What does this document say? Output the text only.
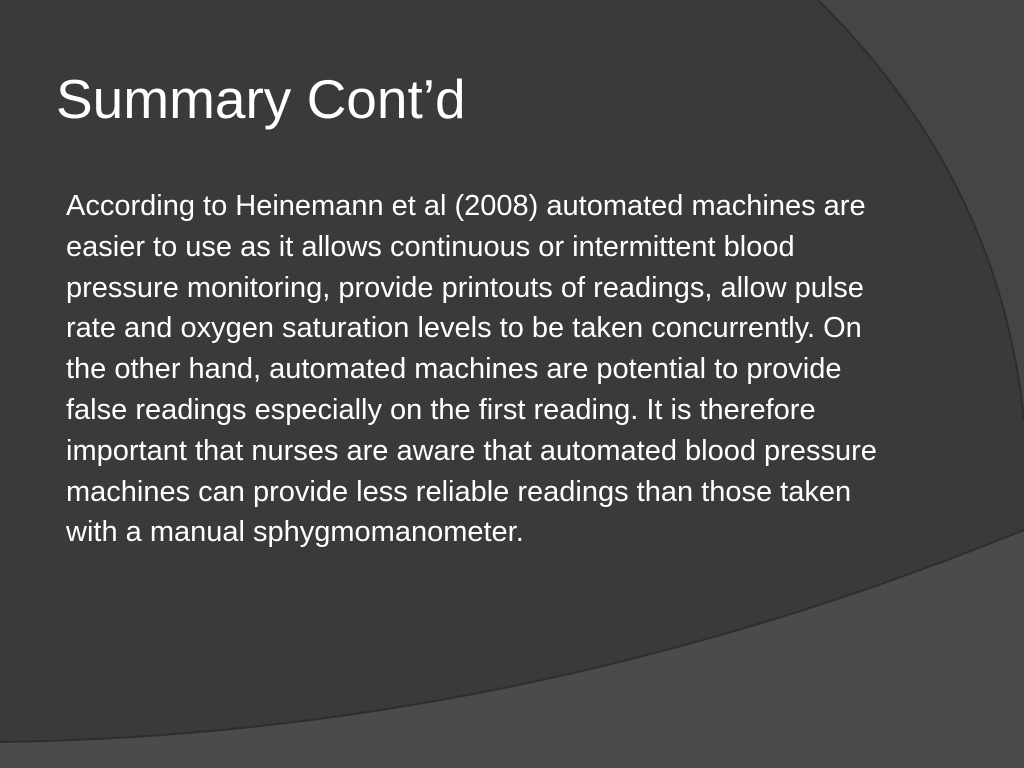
Summary Cont’d

According to Heinemann et al (2008) automated machines are easier to use as it allows continuous or intermittent blood pressure monitoring, provide printouts of readings, allow pulse rate and oxygen saturation levels to be taken concurrently. On the other hand, automated machines are potential to provide false readings especially on the first reading. It is therefore important that nurses are aware that automated blood pressure machines can provide less reliable readings than those taken with a manual sphygmomanometer.
